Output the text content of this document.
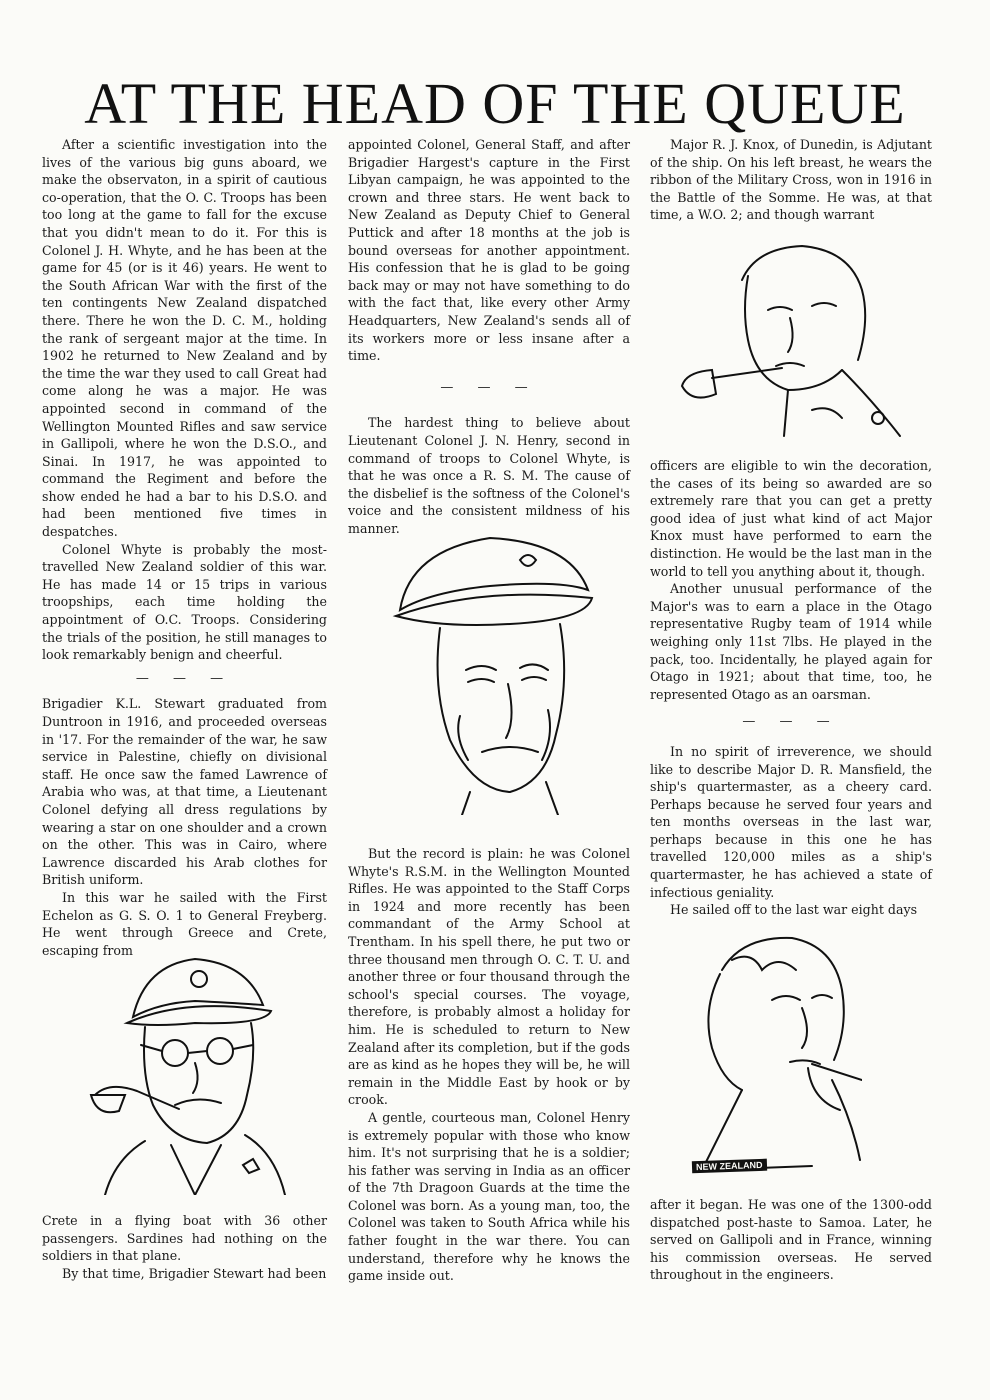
AT THE HEAD OF THE QUEUE

After a scientific investigation into the lives of the various big guns aboard, we make the observaton, in a spirit of cautious co-operation, that the O. C. Troops has been too long at the game to fall for the excuse that you didn't mean to do it. For this is Colonel J. H. Whyte, and he has been at the game for 45 (or is it 46) years. He went to the South African War with the first of the ten contingents New Zealand dispatched there. There he won the D. C. M., holding the rank of sergeant major at the time. In 1902 he returned to New Zealand and by the time the war they used to call Great had come along he was a major. He was appointed second in command of the Wellington Mounted Rifles and saw service in Gallipoli, where he won the D.S.O., and Sinai. In 1917, he was appointed to command the Regiment and before the show ended he had a bar to his D.S.O. and had been mentioned five times in despatches.

Colonel Whyte is probably the most-travelled New Zealand soldier of this war. He has made 14 or 15 trips in various troopships, each time holding the appointment of O.C. Troops. Considering the trials of the position, he still manages to look remarkably benign and cheerful.

— — —

Brigadier K.L. Stewart graduated from Duntroon in 1916, and proceeded overseas in '17. For the remainder of the war, he saw service in Palestine, chiefly on divisional staff. He once saw the famed Lawrence of Arabia who was, at that time, a Lieutenant Colonel defying all dress regulations by wearing a star on one shoulder and a crown on the other. This was in Cairo, where Lawrence discarded his Arab clothes for British uniform.

In this war he sailed with the First Echelon as G. S. O. 1 to General Freyberg. He went through Greece and Crete, escaping from

Crete in a flying boat with 36 other passengers. Sardines had nothing on the soldiers in that plane.

By that time, Brigadier Stewart had been

appointed Colonel, General Staff, and after Brigadier Hargest's capture in the First Libyan campaign, he was appointed to the crown and three stars. He went back to New Zealand as Deputy Chief to General Puttick and after 18 months at the job is bound overseas for another appointment. His confession that he is glad to be going back may or may not have something to do with the fact that, like every other Army Headquarters, New Zealand's sends all of its workers more or less insane after a time.

— — —

The hardest thing to believe about Lieutenant Colonel J. N. Henry, second in command of troops to Colonel Whyte, is that he was once a R. S. M. The cause of the disbelief is the softness of the Colonel's voice and the consistent mildness of his manner.

But the record is plain: he was Colonel Whyte's R.S.M. in the Wellington Mounted Rifles. He was appointed to the Staff Corps in 1924 and more recently has been commandant of the Army School at Trentham. In his spell there, he put two or three thousand men through O. C. T. U. and another three or four thousand through the school's special courses. The voyage, therefore, is probably almost a holiday for him. He is scheduled to return to New Zealand after its completion, but if the gods are as kind as he hopes they will be, he will remain in the Middle East by hook or by crook.

A gentle, courteous man, Colonel Henry is extremely popular with those who know him. It's not surprising that he is a soldier; his father was serving in India as an officer of the 7th Dragoon Guards at the time the Colonel was born. As a young man, too, the Colonel was taken to South Africa while his father fought in the war there. You can understand, therefore why he knows the game inside out.

Major R. J. Knox, of Dunedin, is Adjutant of the ship. On his left breast, he wears the ribbon of the Military Cross, won in 1916 in the Battle of the Somme. He was, at that time, a W.O. 2; and though warrant

officers are eligible to win the decoration, the cases of its being so awarded are so extremely rare that you can get a pretty good idea of just what kind of act Major Knox must have performed to earn the distinction. He would be the last man in the world to tell you anything about it, though.

Another unusual performance of the Major's was to earn a place in the Otago representative Rugby team of 1914 while weighing only 11st 7lbs. He played in the pack, too. Incidentally, he played again for Otago in 1921; about that time, too, he represented Otago as an oarsman.

— — —

In no spirit of irreverence, we should like to describe Major D. R. Mansfield, the ship's quartermaster, as a cheery card. Perhaps because he served four years and ten months overseas in the last war, perhaps because in this one he has travelled 120,000 miles as a ship's quartermaster, he has achieved a state of infectious geniality.

He sailed off to the last war eight days

NEW ZEALAND

after it began. He was one of the 1300-odd dispatched post-haste to Samoa. Later, he served on Gallipoli and in France, winning his commission overseas. He served throughout in the engineers.
